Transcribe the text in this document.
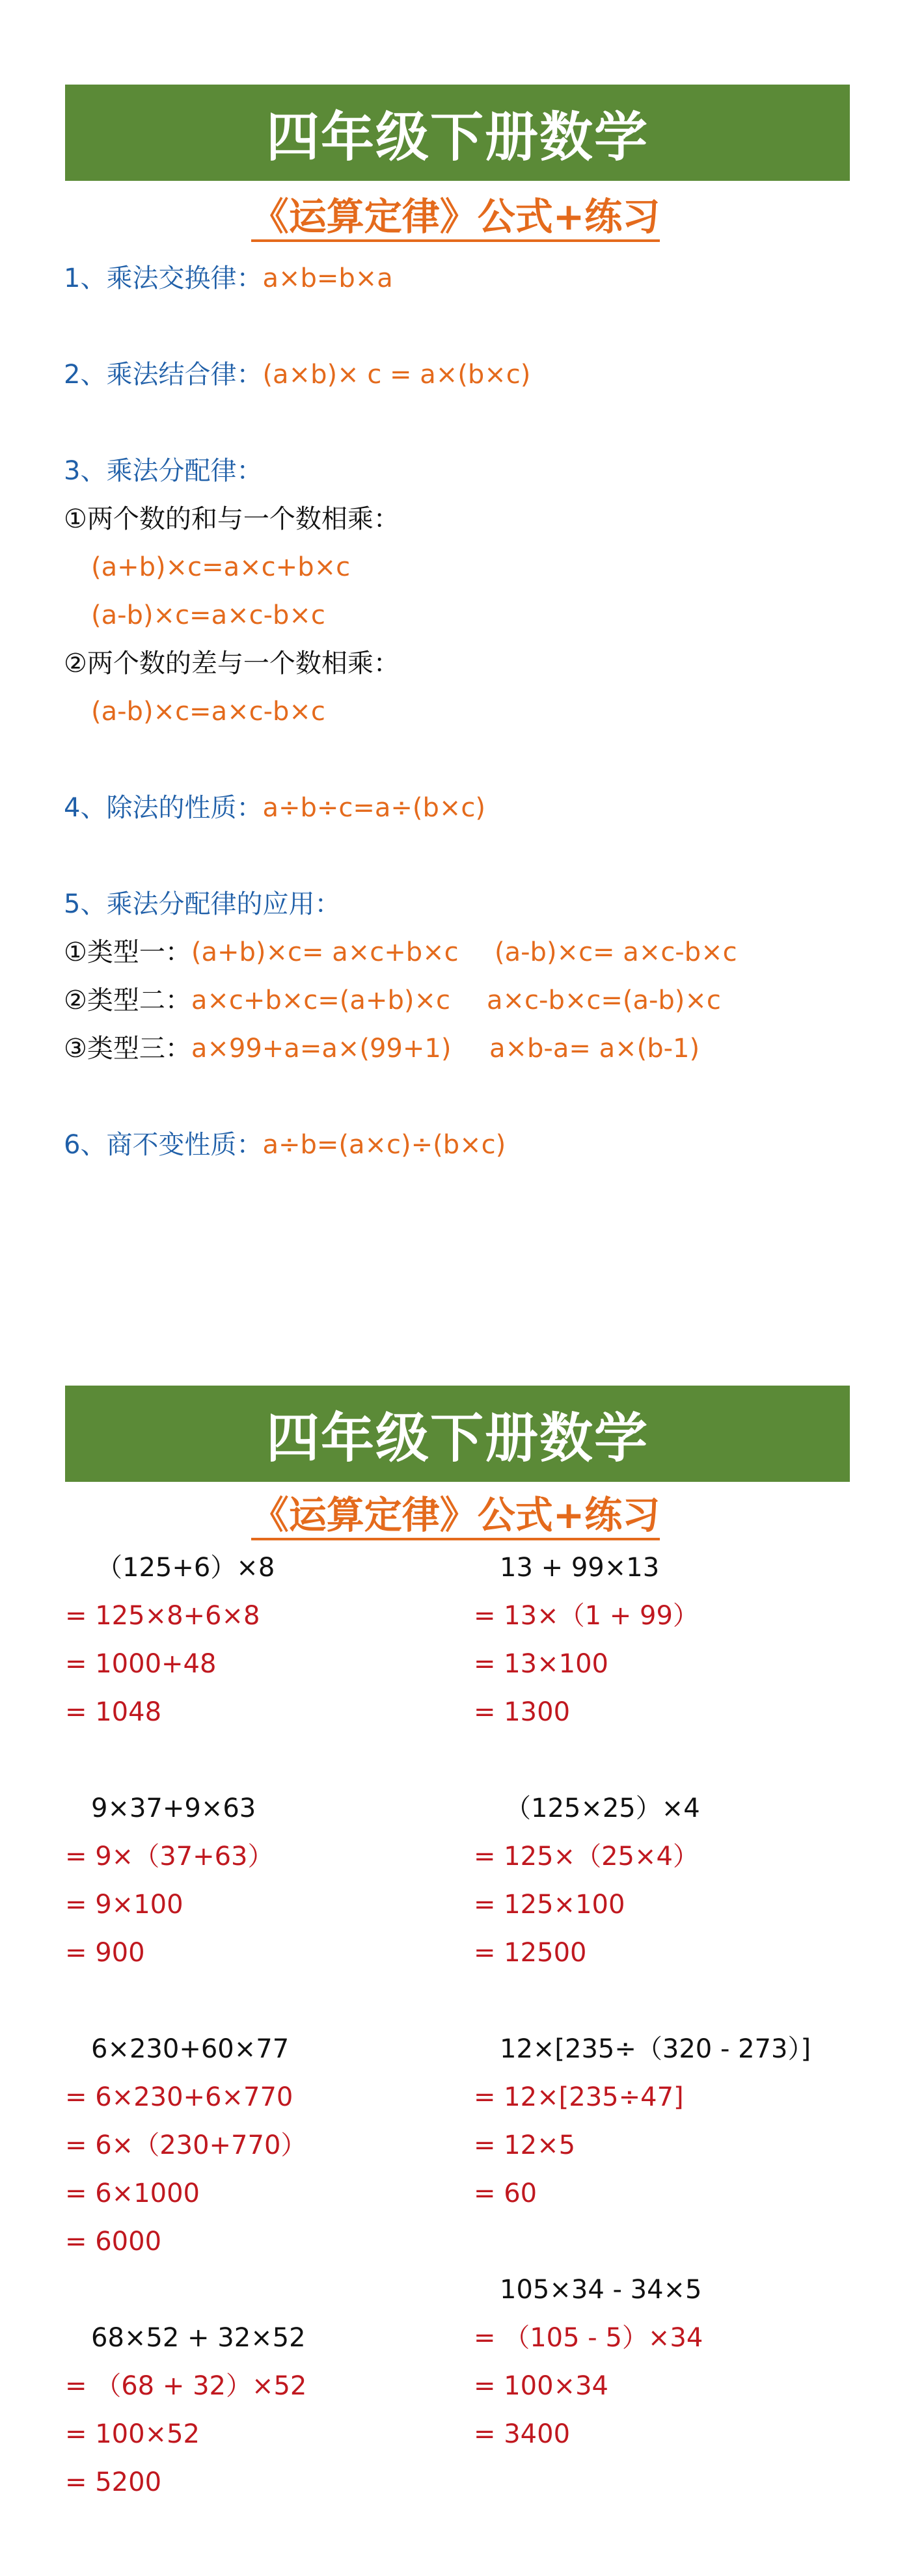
四年级下册数学
《运算定律》公式+练习
1、乘法交换律：a×b=b×a
2、乘法结合律：(a×b)× c = a×(b×c)
3、乘法分配律：
①两个数的和与一个数相乘：
(a+b)×c=a×c+b×c
(a-b)×c=a×c-b×c
②两个数的差与一个数相乘：
(a-b)×c=a×c-b×c
4、除法的性质：a÷b÷c=a÷(b×c)
5、乘法分配律的应用：
①类型一：(a+b)×c= a×c+b×c (a-b)×c= a×c-b×c
②类型二：a×c+b×c=(a+b)×c a×c-b×c=(a-b)×c
③类型三：a×99+a=a×(99+1) a×b-a= a×(b-1)
6、商不变性质：a÷b=(a×c)÷(b×c)
四年级下册数学
《运算定律》公式+练习
（125+6）×8
= 125×8+6×8
= 1000+48
= 1048
9×37+9×63
= 9×（37+63）
= 9×100
= 900
6×230+60×77
= 6×230+6×770
= 6×（230+770）
= 6×1000
= 6000
68×52 + 32×52
= （68 + 32）×52
= 100×52
= 5200
13 + 99×13
= 13×（1 + 99）
= 13×100
= 1300
（125×25）×4
= 125×（25×4）
= 125×100
= 12500
12×[235÷（320 - 273）]
= 12×[235÷47]
= 12×5
= 60
105×34 - 34×5
= （105 - 5）×34
= 100×34
= 3400
